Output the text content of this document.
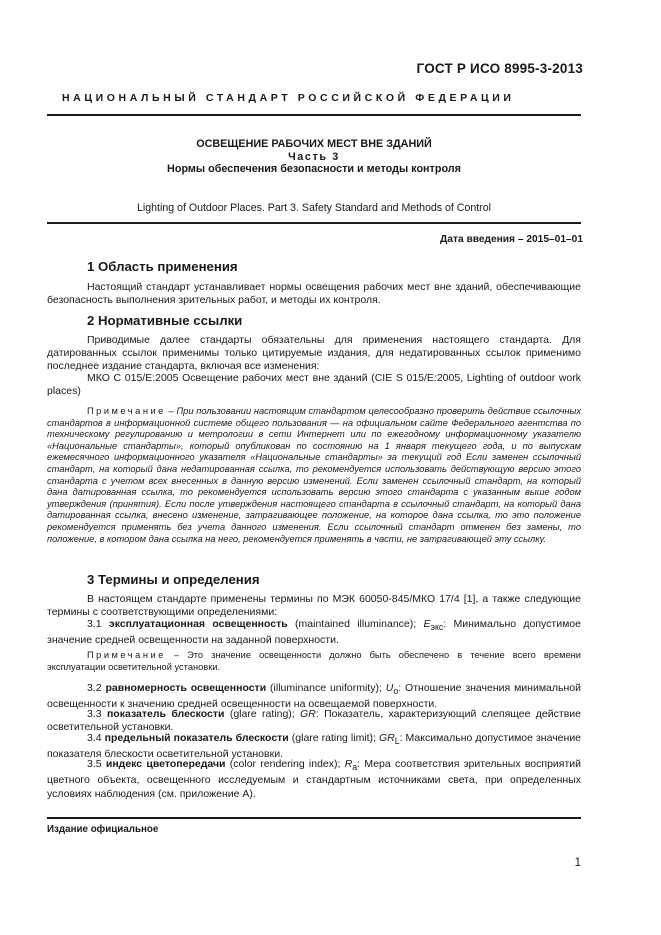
ГОСТ Р ИСО 8995-3-2013
НАЦИОНАЛЬНЫЙ СТАНДАРТ РОССИЙСКОЙ ФЕДЕРАЦИИ
ОСВЕЩЕНИЕ РАБОЧИХ МЕСТ ВНЕ ЗДАНИЙ
Часть 3
Нормы обеспечения безопасности и методы контроля
Lighting of Outdoor Places. Part 3. Safety Standard and Methods of Control
Дата введения – 2015–01–01
1 Область применения
Настоящий стандарт устанавливает нормы освещения рабочих мест вне зданий, обеспечивающие безопасность выполнения зрительных работ, и методы их контроля.
2 Нормативные ссылки
Приводимые далее стандарты обязательны для применения настоящего стандарта. Для датированных ссылок применимы только цитируемые издания, для недатированных ссылок применимо последнее издание стандарта, включая все изменения:
МКО С 015/E:2005 Освещение рабочих мест вне зданий (CIE S 015/E:2005, Lighting of outdoor work places)
Примечание – При пользовании настоящим стандартом целесообразно проверить действие ссылочных стандартов в информационной системе общего пользования — на официальном сайте Федерального агентства по техническому регулированию и метрологии в сети Интернет или по ежегодному информационному указателю «Национальные стандарты», который опубликован по состоянию на 1 января текущего года, и по выпускам ежемесячного информационного указателя «Национальные стандарты» за текущий год Если заменен ссылочный стандарт, на который дана недатированная ссылка, то рекомендуется использовать действующую версию этого стандарта с учетом всех внесенных в данную версию изменений. Если заменен ссылочный стандарт, на который дана датированная ссылка, то рекомендуется использовать версию этого стандарта с указанным выше годом утверждения (принятия). Если после утверждения настоящего стандарта в ссылочный стандарт, на который дана датированная ссылка, внесено изменение, затрагивающее положение, на которое дана ссылка, то это положение рекомендуется применять без учета данного изменения. Если ссылочный стандарт отменен без замены, то положение, в котором дана ссылка на него, рекомендуется применять в части, не затрагивающей эту ссылку.
3 Термины и определения
В настоящем стандарте применены термины по МЭК 60050-845/МКО 17/4 [1], а также следующие термины с соответствующими определениями:
3.1 эксплуатационная освещенность (maintained illuminance); $E_{экс}$: Минимально допустимое значение средней освещенности на заданной поверхности.
Примечание – Это значение освещенности должно быть обеспечено в течение всего времени эксплуатации осветительной установки.
3.2 равномерность освещенности (illuminance uniformity); $U_o$: Отношение значения минимальной освещенности к значению средней освещенности на освещаемой поверхности.
3.3 показатель блескости (glare rating); GR: Показатель, характеризующий слепящее действие осветительной установки.
3.4 предельный показатель блескости (glare rating limit); $GR_L$: Максимально допустимое значение показателя блескости осветительной установки.
3.5 индекс цветопередачи (color rendering index); $R_a$: Мера соответствия зрительных восприятий цветного объекта, освещенного исследуемым и стандартным источниками света, при определенных условиях наблюдения (см. приложение А).
Издание официальное
1
